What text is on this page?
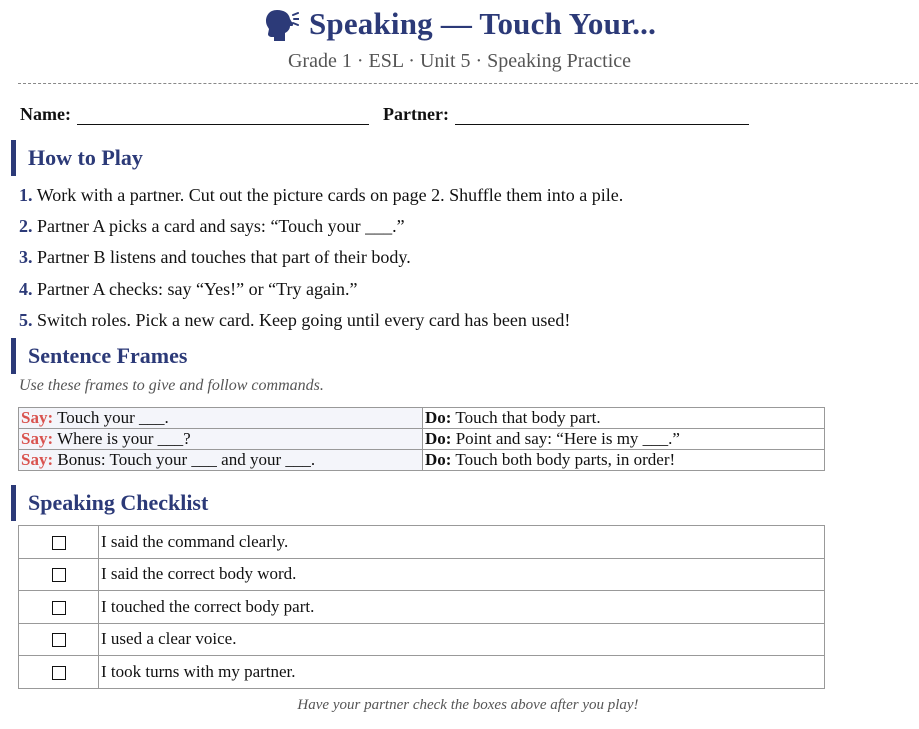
Speaking — Touch Your...
Grade 1 · ESL · Unit 5 · Speaking Practice
Name:	Partner:
How to Play
1. Work with a partner. Cut out the picture cards on page 2. Shuffle them into a pile.
2. Partner A picks a card and says: “Touch your ___.”
3. Partner B listens and touches that part of their body.
4. Partner A checks: say “Yes!” or “Try again.”
5. Switch roles. Pick a new card. Keep going until every card has been used!
Sentence Frames
Use these frames to give and follow commands.
Say: Touch your ___.	Do: Touch that body part.
Say: Where is your ___?	Do: Point and say: “Here is my ___.”
Say: Bonus: Touch your ___ and your ___.	Do: Touch both body parts, in order!
Speaking Checklist
	I said the command clearly.
	I said the correct body word.
	I touched the correct body part.
	I used a clear voice.
	I took turns with my partner.
Have your partner check the boxes above after you play!
